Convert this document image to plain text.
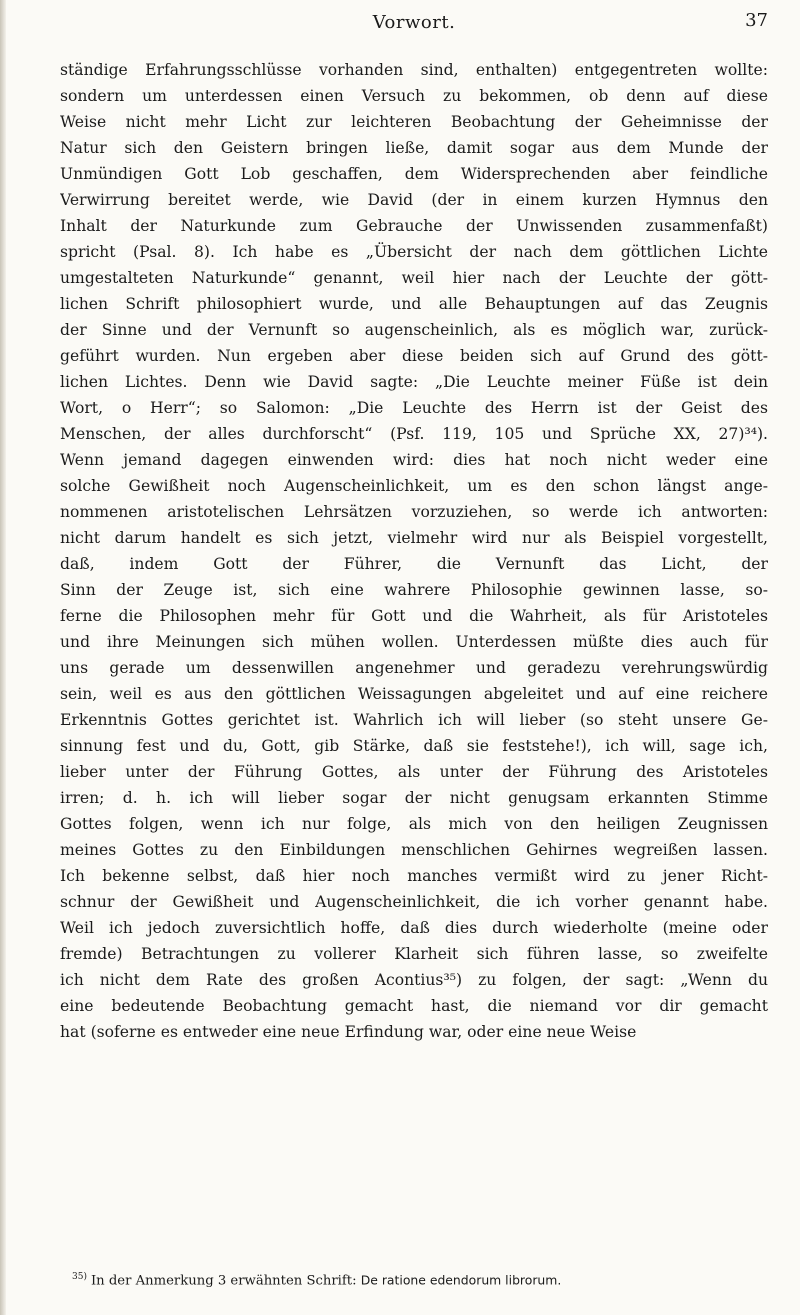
Vorwort.	37
ständige Erfahrungsschlüsse vorhanden sind, enthalten) entgegentreten wollte:
sondern um unterdessen einen Versuch zu bekommen, ob denn auf diese
Weise nicht mehr Licht zur leichteren Beobachtung der Geheimnisse der
Natur sich den Geistern bringen ließe, damit sogar aus dem Munde der
Unmündigen Gott Lob geschaffen, dem Widersprechenden aber feindliche
Verwirrung bereitet werde, wie David (der in einem kurzen Hymnus den
Inhalt der Naturkunde zum Gebrauche der Unwissenden zusammenfaßt)
spricht (Psal. 8). Ich habe es „Übersicht der nach dem göttlichen Lichte
umgestalteten Naturkunde“ genannt, weil hier nach der Leuchte der gött-
lichen Schrift philosophiert wurde, und alle Behauptungen auf das Zeugnis
der Sinne und der Vernunft so augenscheinlich, als es möglich war, zurück-
geführt wurden. Nun ergeben aber diese beiden sich auf Grund des gött-
lichen Lichtes. Denn wie David sagte: „Die Leuchte meiner Füße ist dein
Wort, o Herr“; so Salomon: „Die Leuchte des Herrn ist der Geist des
Menschen, der alles durchforscht“ (Psf. 119, 105 und Sprüche XX, 27)³⁴).
Wenn jemand dagegen einwenden wird: dies hat noch nicht weder eine
solche Gewißheit noch Augenscheinlichkeit, um es den schon längst ange-
nommenen aristotelischen Lehrsätzen vorzuziehen, so werde ich antworten:
nicht darum handelt es sich jetzt, vielmehr wird nur als Beispiel vorgestellt,
daß, indem Gott der Führer, die Vernunft das Licht, der
Sinn der Zeuge ist, sich eine wahrere Philosophie gewinnen lasse, so-
ferne die Philosophen mehr für Gott und die Wahrheit, als für Aristoteles
und ihre Meinungen sich mühen wollen. Unterdessen müßte dies auch für
uns gerade um dessenwillen angenehmer und geradezu verehrungswürdig
sein, weil es aus den göttlichen Weissagungen abgeleitet und auf eine reichere
Erkenntnis Gottes gerichtet ist. Wahrlich ich will lieber (so steht unsere Ge-
sinnung fest und du, Gott, gib Stärke, daß sie feststehe!), ich will, sage ich,
lieber unter der Führung Gottes, als unter der Führung des Aristoteles
irren; d. h. ich will lieber sogar der nicht genugsam erkannten Stimme
Gottes folgen, wenn ich nur folge, als mich von den heiligen Zeugnissen
meines Gottes zu den Einbildungen menschlichen Gehirnes wegreißen lassen.
Ich bekenne selbst, daß hier noch manches vermißt wird zu jener Richt-
schnur der Gewißheit und Augenscheinlichkeit, die ich vorher genannt habe.
Weil ich jedoch zuversichtlich hoffe, daß dies durch wiederholte (meine oder
fremde) Betrachtungen zu vollerer Klarheit sich führen lasse, so zweifelte
ich nicht dem Rate des großen Acontius³⁵) zu folgen, der sagt: „Wenn du
eine bedeutende Beobachtung gemacht hast, die niemand vor dir gemacht
hat (soferne es entweder eine neue Erfindung war, oder eine neue Weise
$^{35)}$ In der Anmerkung 3 erwähnten Schrift: De ratione edendorum librorum.
